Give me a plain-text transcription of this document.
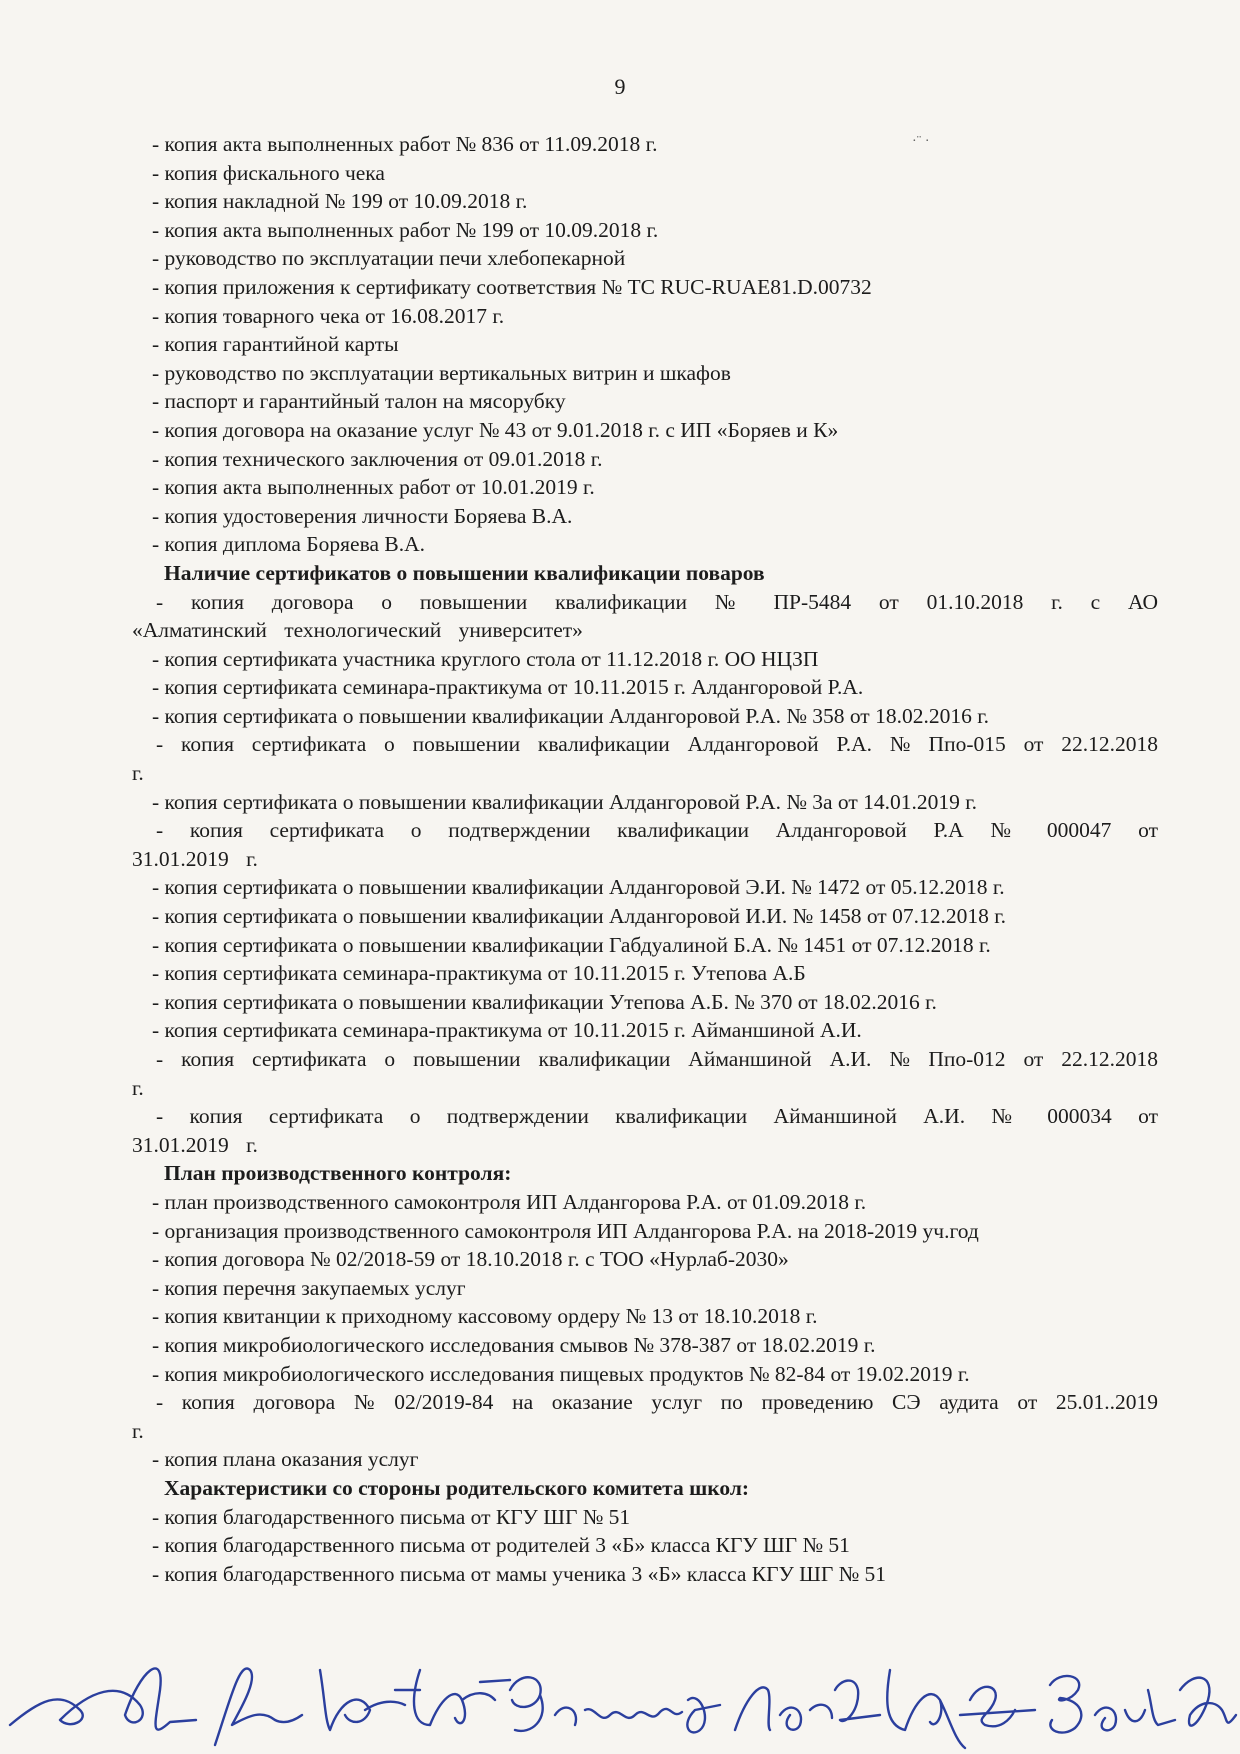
9
- копия акта выполненных работ № 836 от 11.09.2018 г.
- копия фискального чека
- копия накладной № 199 от 10.09.2018 г.
- копия акта выполненных работ № 199 от 10.09.2018 г.
- руководство по эксплуатации печи хлебопекарной
- копия приложения к сертификату соответствия № ТС RUC-RUAE81.D.00732
- копия товарного чека от 16.08.2017 г.
- копия гарантийной карты
- руководство по эксплуатации вертикальных витрин и шкафов
- паспорт и гарантийный талон на мясорубку
- копия договора на оказание услуг № 43 от 9.01.2018 г. с ИП «Боряев и К»
- копия технического заключения от 09.01.2018 г.
- копия акта выполненных работ от 10.01.2019 г.
- копия удостоверения личности Боряева В.А.
- копия диплома Боряева В.А.
Наличие сертификатов о повышении квалификации поваров
- копия договора о повышении квалификации № ПР-5484 от 01.10.2018 г. с АО «Алматинский технологический университет»
- копия сертификата участника круглого стола от 11.12.2018 г. ОО НЦЗП
- копия сертификата семинара-практикума от 10.11.2015 г. Алдангоровой Р.А.
- копия сертификата о повышении квалификации Алдангоровой Р.А. № 358 от 18.02.2016 г.
- копия сертификата о повышении квалификации Алдангоровой Р.А. № Ппо-015 от 22.12.2018 г.
- копия сертификата о повышении квалификации Алдангоровой Р.А. № 3а от 14.01.2019 г.
- копия сертификата о подтверждении квалификации Алдангоровой Р.А № 000047 от 31.01.2019 г.
- копия сертификата о повышении квалификации Алдангоровой Э.И. № 1472 от 05.12.2018 г.
- копия сертификата о повышении квалификации Алдангоровой И.И. № 1458 от 07.12.2018 г.
- копия сертификата о повышении квалификации Габдуалиной Б.А. № 1451 от 07.12.2018 г.
- копия сертификата семинара-практикума от 10.11.2015 г. Утепова А.Б
- копия сертификата о повышении квалификации Утепова А.Б. № 370 от 18.02.2016 г.
- копия сертификата семинара-практикума от 10.11.2015 г. Айманшиной А.И.
- копия сертификата о повышении квалификации Айманшиной А.И. № Ппо-012 от 22.12.2018 г.
- копия сертификата о подтверждении квалификации Айманшиной А.И. № 000034 от 31.01.2019 г.
План производственного контроля:
- план производственного самоконтроля ИП Алдангорова Р.А. от 01.09.2018 г.
- организация производственного самоконтроля ИП Алдангорова Р.А. на 2018-2019 уч.год
- копия договора № 02/2018-59 от 18.10.2018 г. с ТОО «Нурлаб-2030»
- копия перечня закупаемых услуг
- копия квитанции к приходному кассовому ордеру № 13 от 18.10.2018 г.
- копия микробиологического исследования смывов № 378-387 от 18.02.2019 г.
- копия микробиологического исследования пищевых продуктов № 82-84 от 19.02.2019 г.
- копия договора № 02/2019-84 на оказание услуг по проведению СЭ аудита от 25.01..2019 г.
- копия плана оказания услуг
Характеристики со стороны родительского комитета школ:
- копия благодарственного письма от КГУ ШГ № 51
- копия благодарственного письма от родителей 3 «Б» класса КГУ ШГ № 51
- копия благодарственного письма от мамы ученика 3 «Б» класса КГУ ШГ № 51
·¨ ·
